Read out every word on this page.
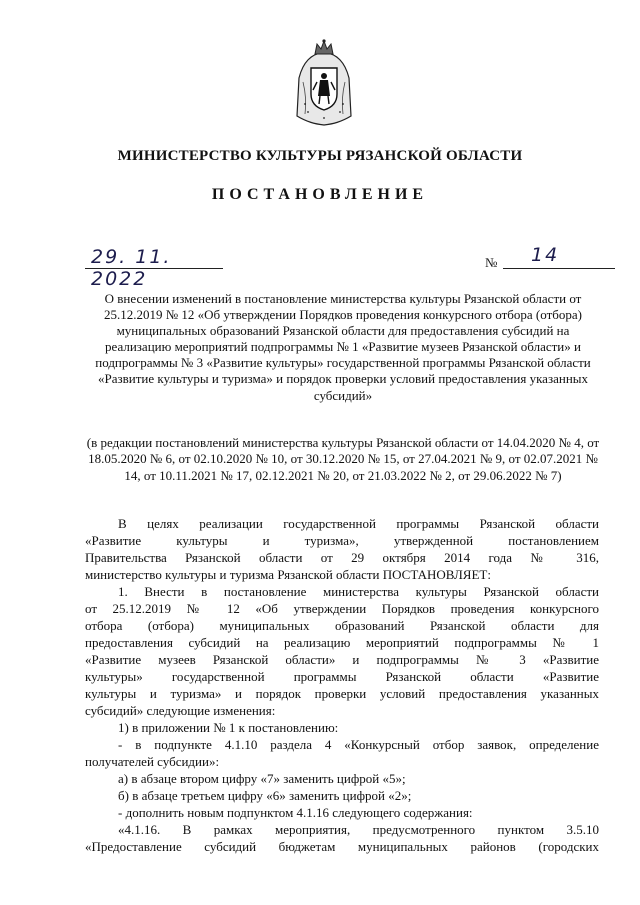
МИНИСТЕРСТВО КУЛЬТУРЫ РЯЗАНСКОЙ ОБЛАСТИ
ПОСТАНОВЛЕНИЕ
29. 11. 2022
№ 14
О внесении изменений в постановление министерства культуры Рязанской области от 25.12.2019 № 12 «Об утверждении Порядков проведения конкурсного отбора (отбора) муниципальных образований Рязанской области для предоставления субсидий на реализацию мероприятий подпрограммы № 1 «Развитие музеев Рязанской области» и подпрограммы № 3 «Развитие культуры» государственной программы Рязанской области «Развитие культуры и туризма» и порядок проверки условий предоставления указанных субсидий»
(в редакции постановлений министерства культуры Рязанской области от 14.04.2020 № 4, от 18.05.2020 № 6, от 02.10.2020 № 10, от 30.12.2020 № 15, от 27.04.2021 № 9, от 02.07.2021 № 14, от 10.11.2021 № 17, 02.12.2021 № 20, от 21.03.2022 № 2, от 29.06.2022 № 7)
В целях реализации государственной программы Рязанской области
«Развитие культуры и туризма», утвержденной постановлением
Правительства Рязанской области от 29 октября 2014 года № 316,
министерство культуры и туризма Рязанской области ПОСТАНОВЛЯЕТ:
1. Внести в постановление министерства культуры Рязанской области
от 25.12.2019 № 12 «Об утверждении Порядков проведения конкурсного
отбора (отбора) муниципальных образований Рязанской области для
предоставления субсидий на реализацию мероприятий подпрограммы № 1
«Развитие музеев Рязанской области» и подпрограммы № 3 «Развитие
культуры» государственной программы Рязанской области «Развитие
культуры и туризма» и порядок проверки условий предоставления указанных
субсидий» следующие изменения:
1) в приложении № 1 к постановлению:
- в подпункте 4.1.10 раздела 4 «Конкурсный отбор заявок, определение
получателей субсидии»:
а) в абзаце втором цифру «7» заменить цифрой «5»;
б) в абзаце третьем цифру «6» заменить цифрой «2»;
- дополнить новым подпунктом 4.1.16 следующего содержания:
«4.1.16. В рамках мероприятия, предусмотренного пунктом 3.5.10
«Предоставление субсидий бюджетам муниципальных районов (городских
